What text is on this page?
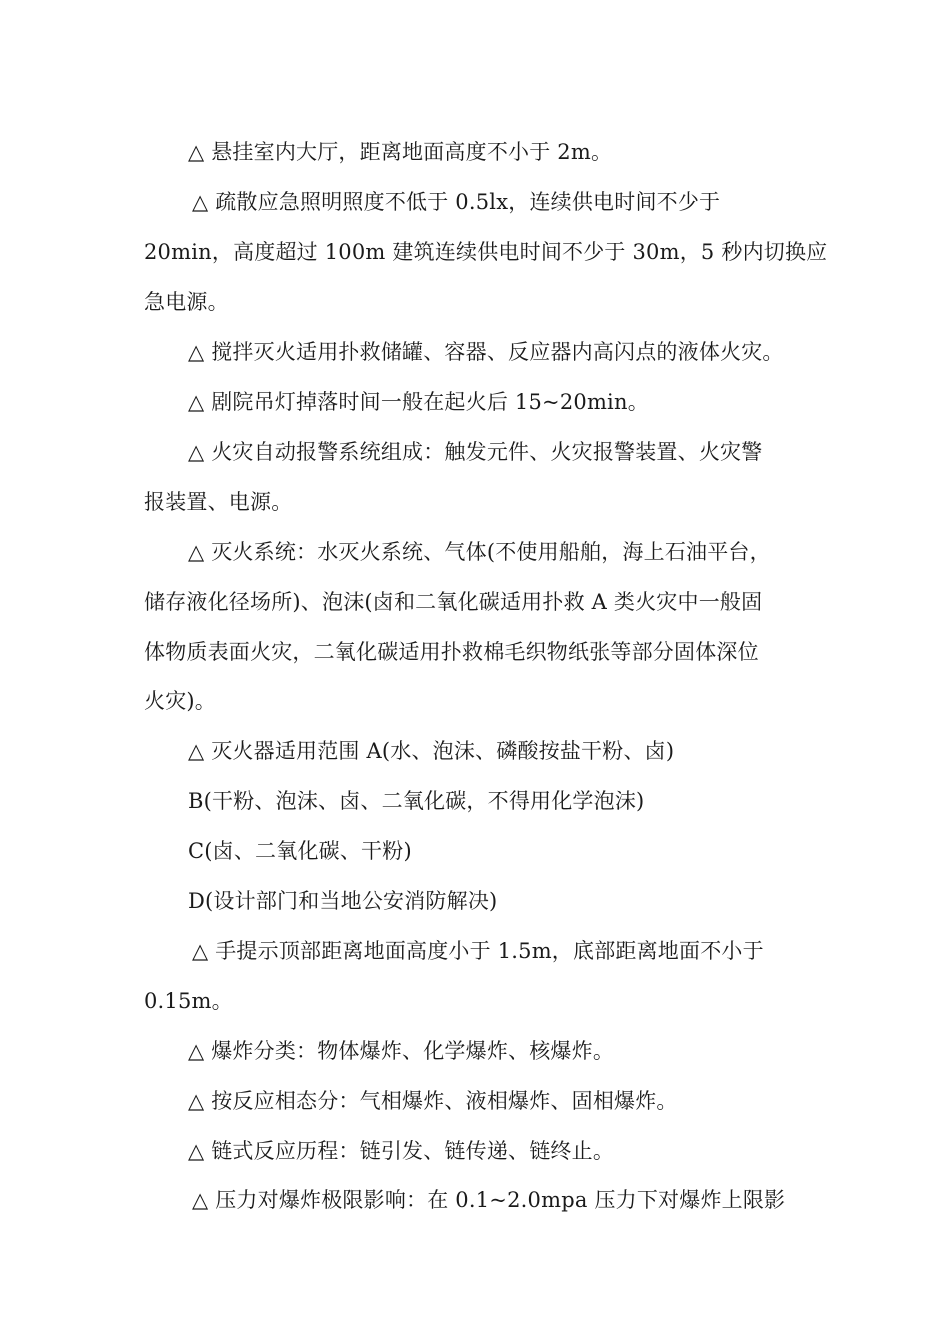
△ 悬挂室内大厅，距离地面高度不小于 2m。
△ 疏散应急照明照度不低于 0.5lx，连续供电时间不少于
20min，高度超过 100m 建筑连续供电时间不少于 30m，5 秒内切换应
急电源。
△ 搅拌灭火适用扑救储罐、容器、反应器内高闪点的液体火灾。
△ 剧院吊灯掉落时间一般在起火后 15~20min。
△ 火灾自动报警系统组成：触发元件、火灾报警装置、火灾警
报装置、电源。
△ 灭火系统：水灭火系统、气体(不使用船舶，海上石油平台，
储存液化径场所)、泡沫(卤和二氧化碳适用扑救 A 类火灾中一般固
体物质表面火灾，二氧化碳适用扑救棉毛织物纸张等部分固体深位
火灾)。
△ 灭火器适用范围 A(水、泡沫、磷酸按盐干粉、卤)
B(干粉、泡沫、卤、二氧化碳，不得用化学泡沫)
C(卤、二氧化碳、干粉)
D(设计部门和当地公安消防解决)
△ 手提示顶部距离地面高度小于 1.5m，底部距离地面不小于
0.15m。
△ 爆炸分类：物体爆炸、化学爆炸、核爆炸。
△ 按反应相态分：气相爆炸、液相爆炸、固相爆炸。
△ 链式反应历程：链引发、链传递、链终止。
△ 压力对爆炸极限影响：在 0.1~2.0mpa 压力下对爆炸上限影
